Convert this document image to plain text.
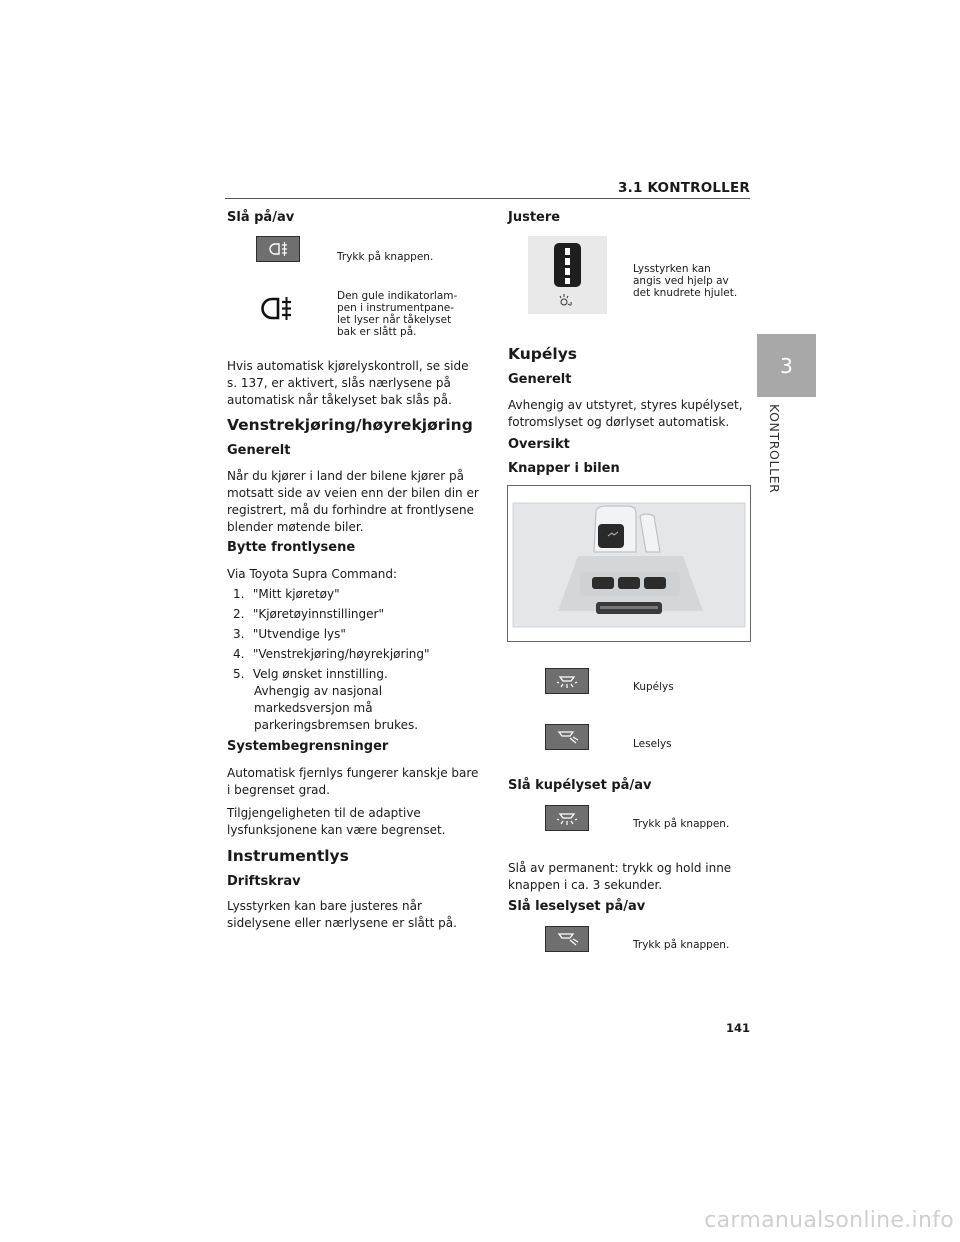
3.1 KONTROLLER
3
KONTROLLER
Slå på/av
Trykk på knappen.
Den gule indikatorlam-
pen i instrumentpane-
let lyser når tåkelyset
bak er slått på.
Hvis automatisk kjørelyskontroll, se side
s. 137, er aktivert, slås nærlysene på
automatisk når tåkelyset bak slås på.
Venstrekjøring/høyrekjøring
Generelt
Når du kjører i land der bilene kjører på
motsatt side av veien enn der bilen din er
registrert, må du forhindre at frontlysene
blender møtende biler.
Bytte frontlysene
Via Toyota Supra Command:
1. "Mitt kjøretøy"
2. "Kjøretøyinnstillinger"
3. "Utvendige lys"
4. "Venstrekjøring/høyrekjøring"
5. Velg ønsket innstilling.
Avhengig av nasjonal
markedsversjon må
parkeringsbremsen brukes.
Systembegrensninger
Automatisk fjernlys fungerer kanskje bare
i begrenset grad.
Tilgjengeligheten til de adaptive
lysfunksjonene kan være begrenset.
Instrumentlys
Driftskrav
Lysstyrken kan bare justeres når
sidelysene eller nærlysene er slått på.
Justere
Lysstyrken kan
angis ved hjelp av
det knudrete hjulet.
Kupélys
Generelt
Avhengig av utstyret, styres kupélyset,
fotromslyset og dørlyset automatisk.
Oversikt
Knapper i bilen
Kupélys
Leselys
Slå kupélyset på/av
Trykk på knappen.
Slå av permanent: trykk og hold inne
knappen i ca. 3 sekunder.
Slå leselyset på/av
Trykk på knappen.
141
carmanualsonline.info
